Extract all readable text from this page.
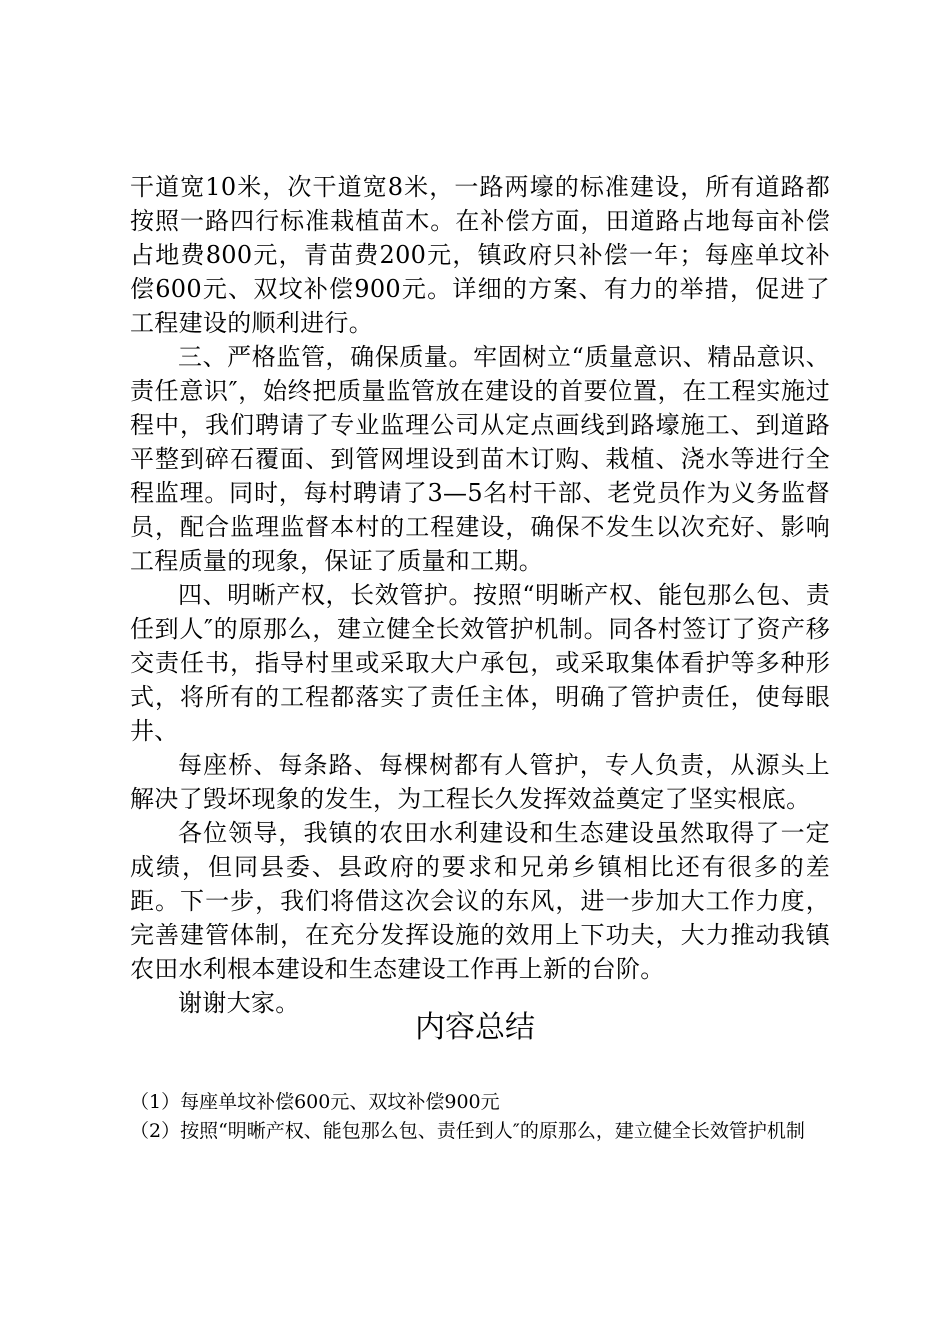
干道宽10米，次干道宽8米，一路两壕的标准建设，所有道路都按照一路四行标准栽植苗木。在补偿方面，田道路占地每亩补偿占地费800元，青苗费200元，镇政府只补偿一年；每座单坟补偿600元、双坟补偿900元。详细的方案、有力的举措，促进了工程建设的顺利进行。

三、严格监管，确保质量。牢固树立“质量意识、精品意识、责任意识″，始终把质量监管放在建设的首要位置，在工程实施过程中，我们聘请了专业监理公司从定点画线到路壕施工、到道路平整到碎石覆面、到管网埋设到苗木订购、栽植、浇水等进行全程监理。同时，每村聘请了3—5名村干部、老党员作为义务监督员，配合监理监督本村的工程建设，确保不发生以次充好、影响工程质量的现象，保证了质量和工期。

四、明晰产权，长效管护。按照“明晰产权、能包那么包、责任到人″的原那么，建立健全长效管护机制。同各村签订了资产移交责任书，指导村里或采取大户承包，或采取集体看护等多种形式，将所有的工程都落实了责任主体，明确了管护责任，使每眼井、

每座桥、每条路、每棵树都有人管护，专人负责，从源头上解决了毁坏现象的发生，为工程长久发挥效益奠定了坚实根底。

各位领导，我镇的农田水利建设和生态建设虽然取得了一定成绩，但同县委、县政府的要求和兄弟乡镇相比还有很多的差距。下一步，我们将借这次会议的东风，进一步加大工作力度，完善建管体制，在充分发挥设施的效用上下功夫，大力推动我镇农田水利根本建设和生态建设工作再上新的台阶。

谢谢大家。

内容总结

（1）每座单坟补偿600元、双坟补偿900元

（2）按照“明晰产权、能包那么包、责任到人″的原那么，建立健全长效管护机制
